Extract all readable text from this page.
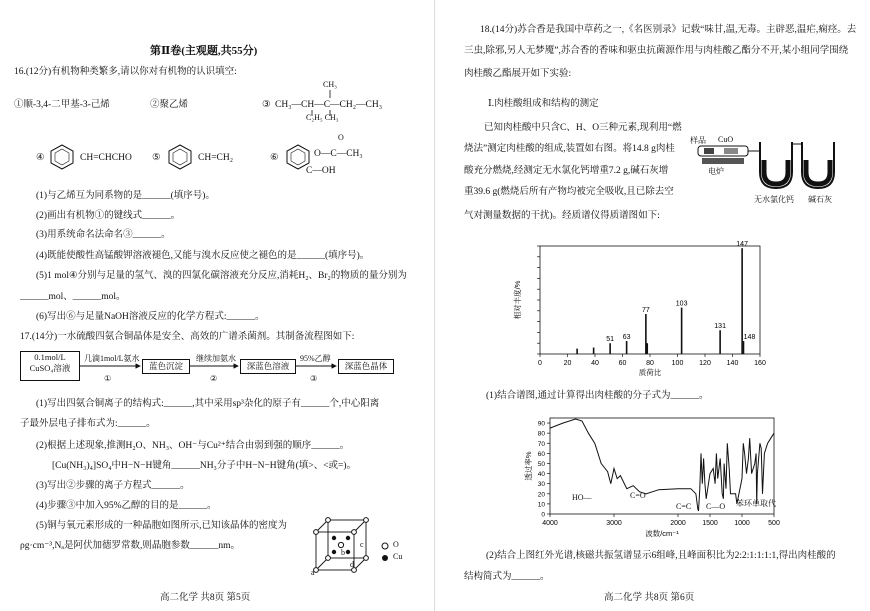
第Ⅱ卷(主观题,共55分)
16.(12分)有机物种类繁多,请以你对有机物的认识填空:
①顺-3,4-二甲基-3-己烯	②聚乙烯	③
CH₃
CH₃—CH—C—CH₂—CH₃
C₂H₅ CH₃
④	CH=CHCHO ⑤	CH=CH₂	⑥
O
O—C—CH₃
C—OH
(1)与乙烯互为同系物的是______(填序号)。
(2)画出有机物①的键线式______。
(3)用系统命名法命名③______。
(4)既能使酸性高锰酸钾溶液褪色,又能与溴水反应使之褪色的是______(填序号)。
(5)1 mol④分别与足量的氢气、溴的四氯化碳溶液充分反应,消耗H₂、Br₂的物质的量分别为
______mol、______mol。
(6)写出⑥与足量NaOH溶液反应的化学方程式:______。
17.(14分)一水硫酸四氨合铜晶体是安全、高效的广谱杀菌剂。其制备流程图如下:
0.1mol/L
CuSO₄溶液
几滴1mol/L氨水
①
蓝色沉淀
继续加氨水
②
深蓝色溶液
95%乙醇
③
深蓝色晶体
(1)写出四氨合铜离子的结构式:______,其中采用sp³杂化的原子有______个,中心阳离
子最外层电子排布式为:______。
(2)根据上述现象,推测H₂O、NH₃、OH⁻与Cu²⁺结合由弱到强的顺序______。
[Cu(NH₃)₄]SO₄中H−N−H键角______NH₃分子中H−N−H键角(填>、<或=)。
(3)写出②步骤的离子方程式______。
(4)步骤③中加入95%乙醇的目的是______。
(5)铜与氧元素形成的一种晶胞如图所示,已知该晶体的密度为
ρg·cm⁻³,Nₐ是阿伏加德罗常数,则晶胞参数______nm。
a
b
c
d
O
Cu
高二化学 共8页 第5页
18.(14分)苏合香是我国中草药之一,《名医别录》记载“味甘,温,无毒。主辟恶,温疟,痫痉。去
三虫,除邪,另人无梦魇”,苏合香的香味和驱虫抗菌源作用与肉桂酸乙酯分不开,某小组同学围绕
肉桂酸乙酯展开如下实验:
Ⅰ.肉桂酸组成和结构的测定
已知肉桂酸中只含C、H、O三种元素,现利用“燃
烧法”测定肉桂酸的组成,装置如右图。将14.8 g肉桂
酸充分燃烧,经测定无水氯化钙增重7.2 g,碱石灰增
重39.6 g(燃烧后所有产物均被完全吸收,且已除去空
气对测量数据的干扰)。经质谱仪得质谱图如下:
样品 CuO
电炉
无水氯化钙 碱石灰
0	20	40	60	80	100 120 140 160
51 63
77
103
131
147
148
质荷比
相对丰度/%
(1)结合谱图,通过计算得出肉桂酸的分子式为______。
4000	3000	2000 1500 1000	500
0
10
20
30
40
50
60
70
80
90
波数/cm⁻¹
透过率%
HO—	C=O
C=C C—O 苯环单取代
(2)结合上图红外光谱,核磁共振氢谱显示6组峰,且峰面积比为2:2:1:1:1:1,得出肉桂酸的
结构简式为______。
高二化学 共8页 第6页
